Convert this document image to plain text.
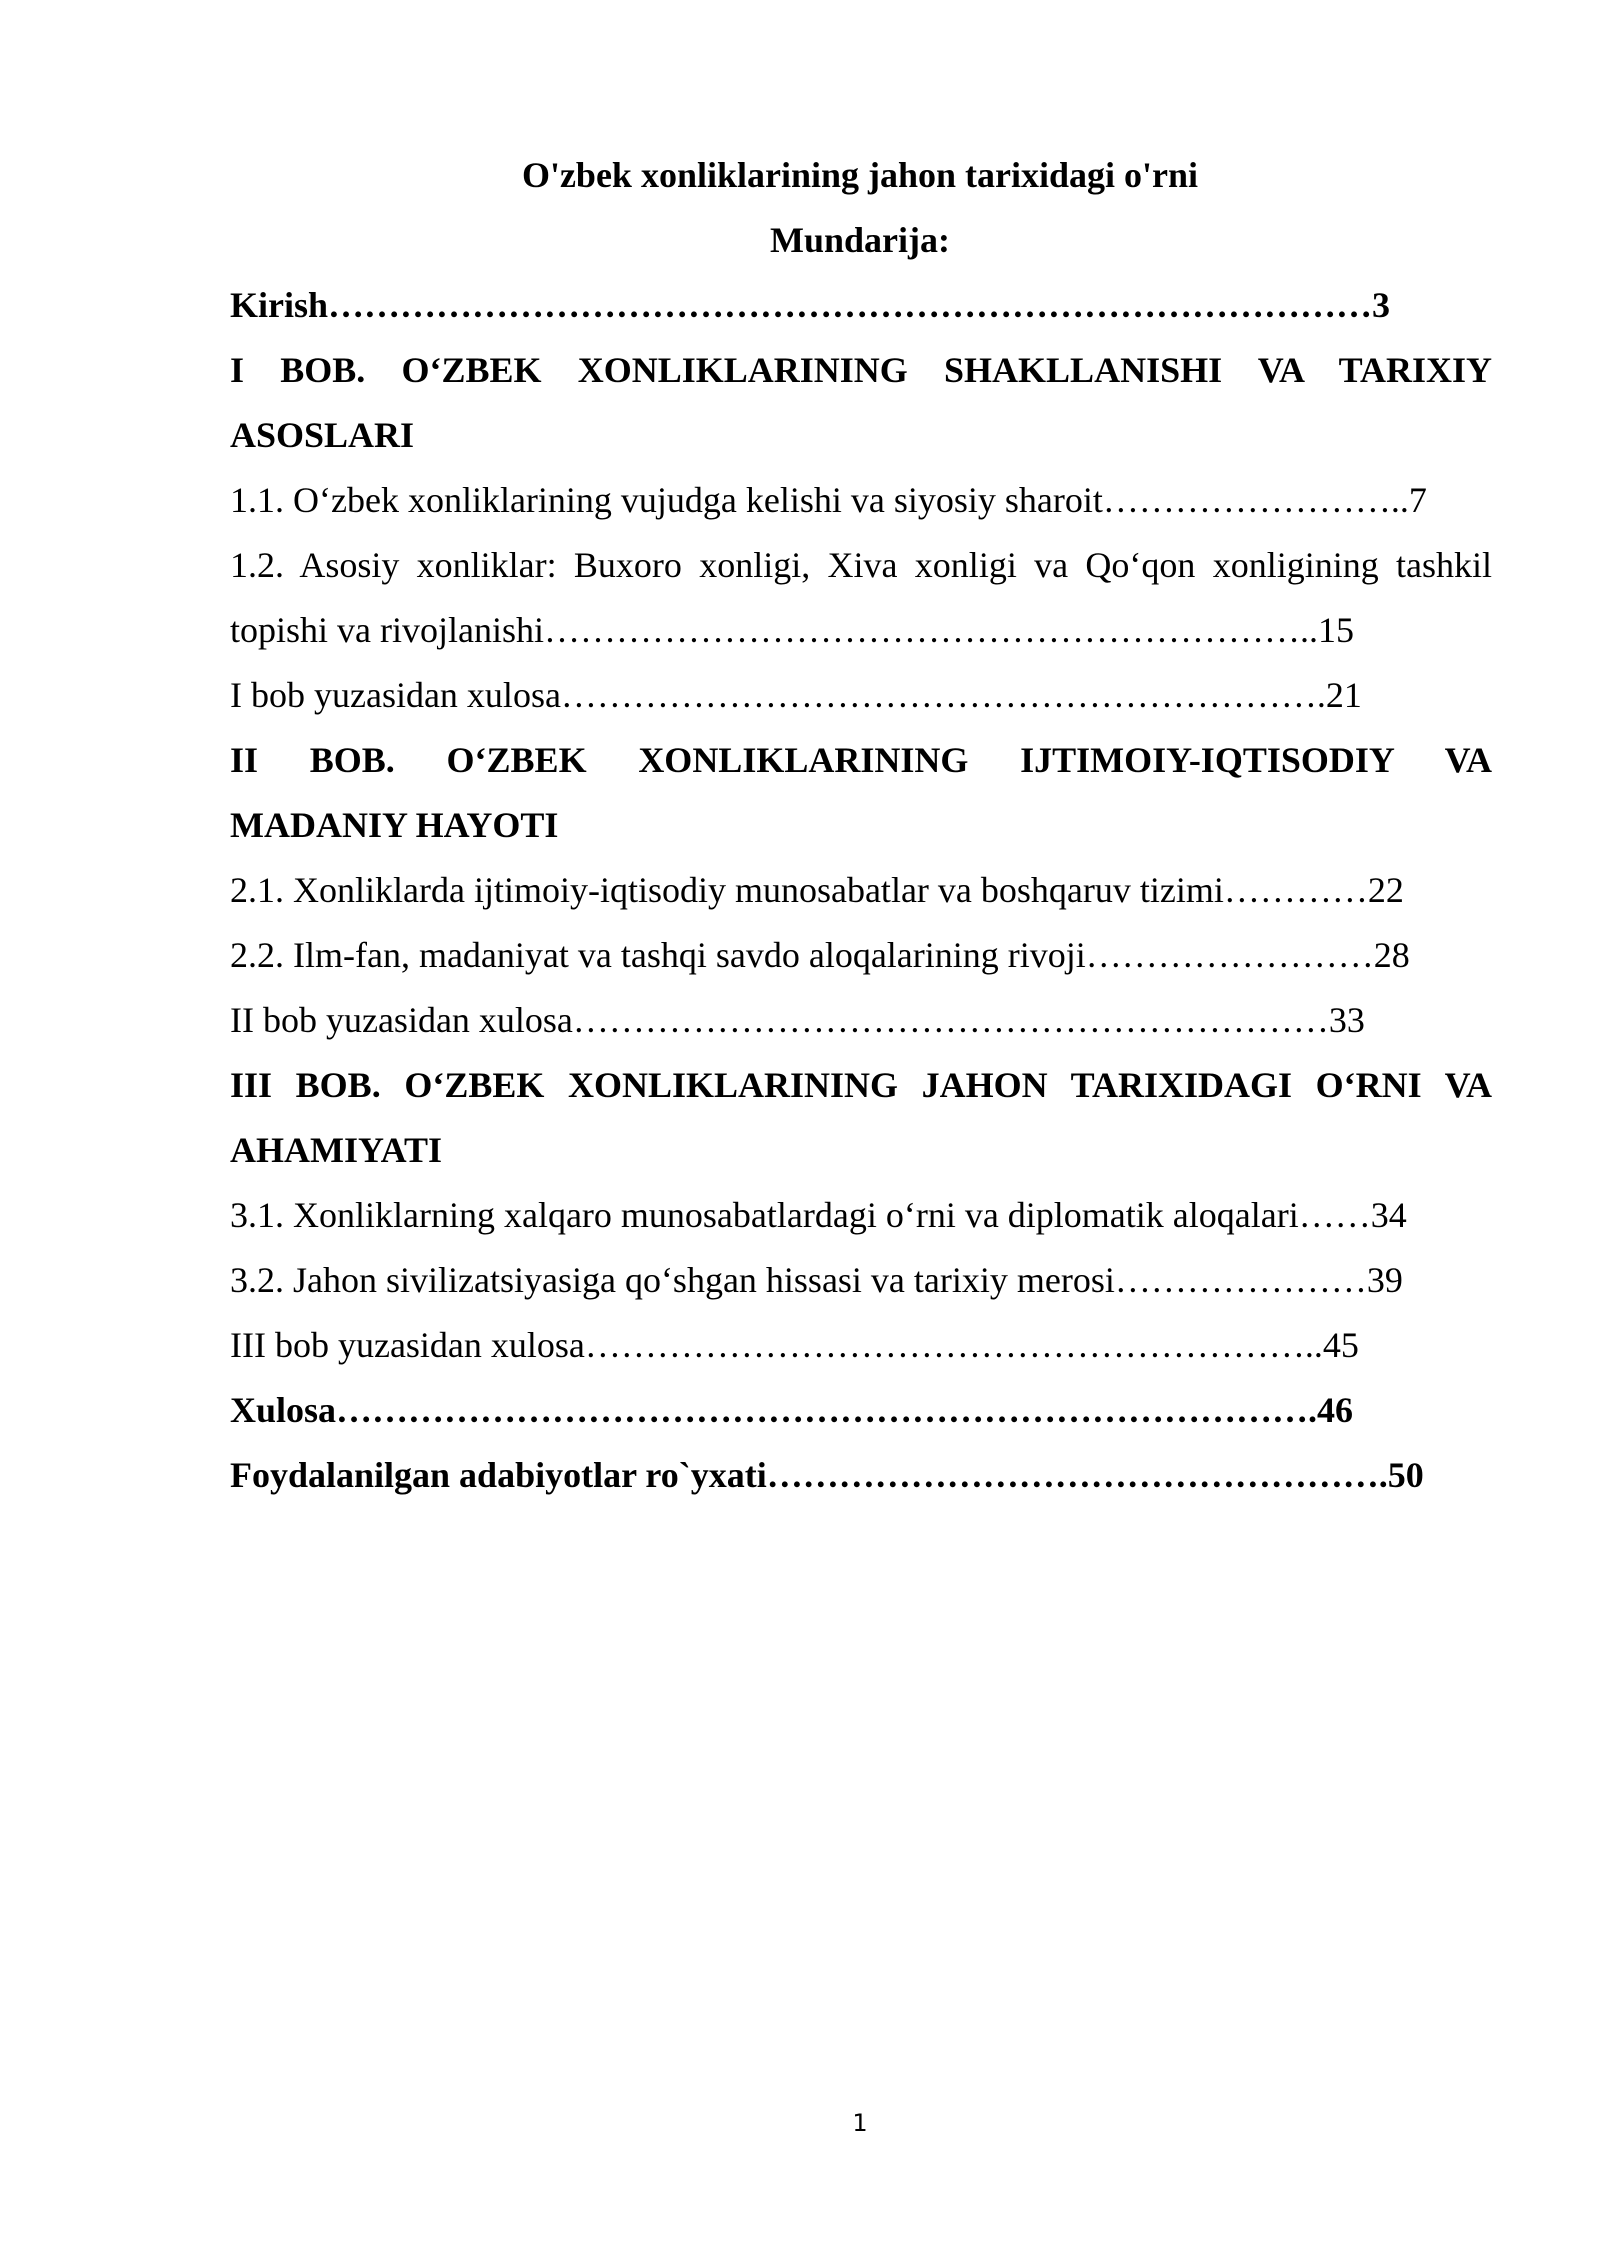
O'zbek xonliklarining jahon tarixidagi o'rni
Mundarija:
Kirish……………………………………………………………………………3
I BOB. O‘ZBEK XONLIKLARINING SHAKLLANISHI VA TARIXIY
ASOSLARI
1.1. O‘zbek xonliklarining vujudga kelishi va siyosiy sharoit……………………..7
1.2. Asosiy xonliklar: Buxoro xonligi, Xiva xonligi va Qo‘qon xonligining tashkil
topishi va rivojlanishi………………………………………………………..15
I bob yuzasidan xulosa……………………………………………………….21
II BOB. O‘ZBEK XONLIKLARINING IJTIMOIY-IQTISODIY VA
MADANIY HAYOTI
2.1. Xonliklarda ijtimoiy-iqtisodiy munosabatlar va boshqaruv tizimi…………22
2.2. Ilm-fan, madaniyat va tashqi savdo aloqalarining rivoji……………………28
II bob yuzasidan xulosa………………………………………………………33
III BOB. O‘ZBEK XONLIKLARINING JAHON TARIXIDAGI O‘RNI VA
AHAMIYATI
3.1. Xonliklarning xalqaro munosabatlardagi o‘rni va diplomatik aloqalari……34
3.2. Jahon sivilizatsiyasiga qo‘shgan hissasi va tarixiy merosi…………………39
III bob yuzasidan xulosa……………………………………………………..45
Xulosa……………………………………………………………………….46
Foydalanilgan adabiyotlar ro`yxati…………………………………………….50
1
